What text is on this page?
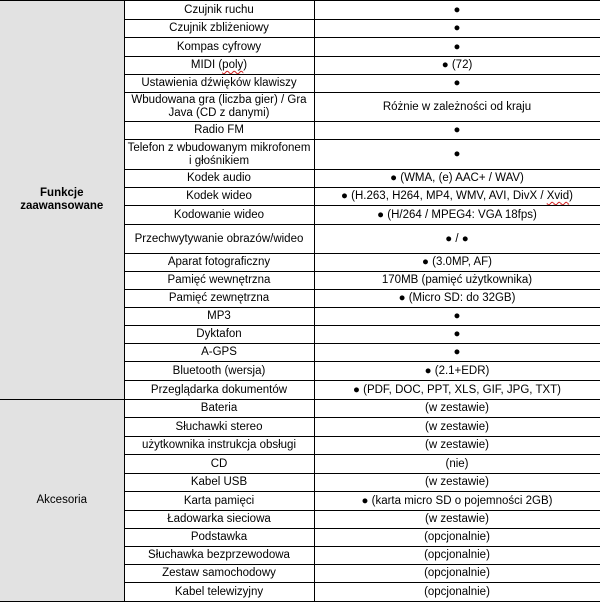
Funkcje zaawansowane	Czujnik ruchu	●
	Czujnik zbliżeniowy	●
	Kompas cyfrowy	●
	MIDI (poly)	● (72)
	Ustawienia dźwięków klawiszy	●
	Wbudowana gra (liczba gier) / Gra Java (CD z danymi)	Różnie w zależności od kraju
	Radio FM	●
	Telefon z wbudowanym mikrofonem i głośnikiem	●
	Kodek audio	● (WMA, (e) AAC+ / WAV)
	Kodek wideo	● (H.263, H264, MP4, WMV, AVI, DivX / Xvid)
	Kodowanie wideo	● (H/264 / MPEG4: VGA 18fps)
	Przechwytywanie obrazów/wideo	● / ●
	Aparat fotograficzny	● (3.0MP, AF)
	Pamięć wewnętrzna	170MB (pamięć użytkownika)
	Pamięć zewnętrzna	● (Micro SD: do 32GB)
	MP3	●
	Dyktafon	●
	A-GPS	●
	Bluetooth (wersja)	● (2.1+EDR)
	Przeglądarka dokumentów	● (PDF, DOC, PPT, XLS, GIF, JPG, TXT)
Akcesoria	Bateria	(w zestawie)
	Słuchawki stereo	(w zestawie)
	użytkownika instrukcja obsługi	(w zestawie)
	CD	(nie)
	Kabel USB	(w zestawie)
	Karta pamięci	● (karta micro SD o pojemności 2GB)
	Ładowarka sieciowa	(w zestawie)
	Podstawka	(opcjonalnie)
	Słuchawka bezprzewodowa	(opcjonalnie)
	Zestaw samochodowy	(opcjonalnie)
	Kabel telewizyjny	(opcjonalnie)
